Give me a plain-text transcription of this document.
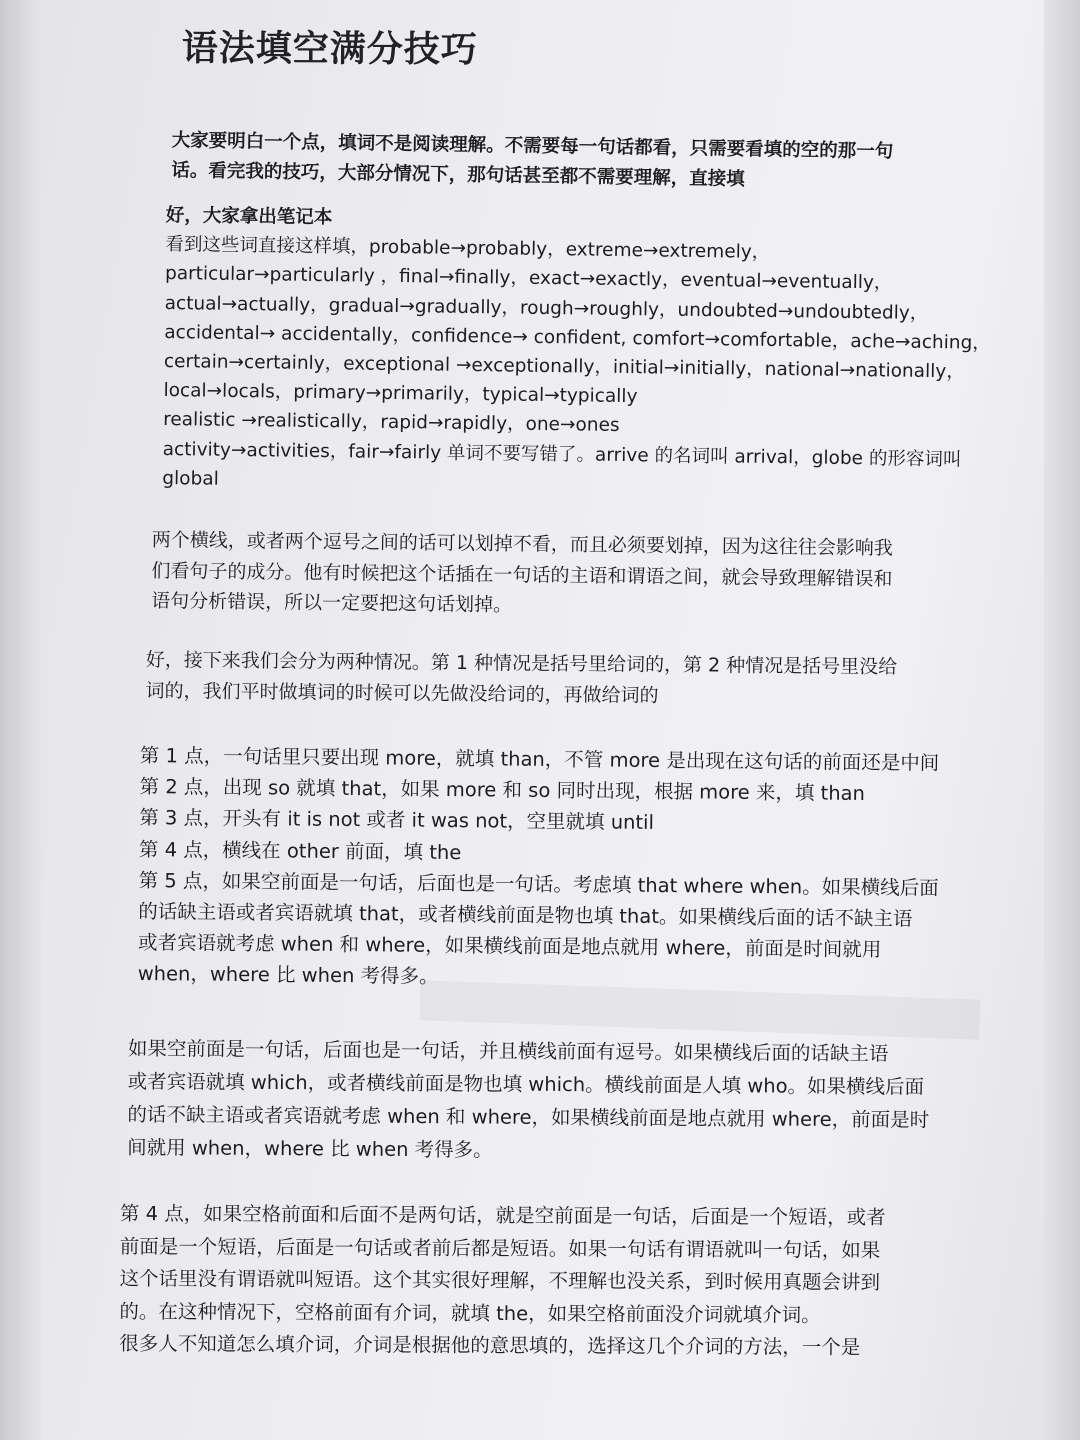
语法填空满分技巧
大家要明白一个点，填词不是阅读理解。不需要每一句话都看，只需要看填的空的那一句
话。看完我的技巧，大部分情况下，那句话甚至都不需要理解，直接填
好，大家拿出笔记本
看到这些词直接这样填，probable→probably，extreme→extremely，
particular→particularly ，final→finally，exact→exactly，eventual→eventually，
actual→actually，gradual→gradually，rough→roughly，undoubted→undoubtedly，
accidental→ accidentally，confidence→ confident, comfort→comfortable，ache→aching，
certain→certainly，exceptional →exceptionally，initial→initially，national→nationally，
local→locals，primary→primarily，typical→typically
realistic →realistically，rapid→rapidly，one→ones
activity→activities，fair→fairly 单词不要写错了。arrive 的名词叫 arrival，globe 的形容词叫
global
两个横线，或者两个逗号之间的话可以划掉不看，而且必须要划掉，因为这往往会影响我
们看句子的成分。他有时候把这个话插在一句话的主语和谓语之间，就会导致理解错误和
语句分析错误，所以一定要把这句话划掉。
好，接下来我们会分为两种情况。第 1 种情况是括号里给词的，第 2 种情况是括号里没给
词的，我们平时做填词的时候可以先做没给词的，再做给词的
第 1 点，一句话里只要出现 more，就填 than，不管 more 是出现在这句话的前面还是中间
第 2 点，出现 so 就填 that，如果 more 和 so 同时出现，根据 more 来，填 than
第 3 点，开头有 it is not 或者 it was not，空里就填 until
第 4 点，横线在 other 前面，填 the
第 5 点，如果空前面是一句话，后面也是一句话。考虑填 that where when。如果横线后面
的话缺主语或者宾语就填 that，或者横线前面是物也填 that。如果横线后面的话不缺主语
或者宾语就考虑 when 和 where，如果横线前面是地点就用 where，前面是时间就用
when，where 比 when 考得多。
如果空前面是一句话，后面也是一句话，并且横线前面有逗号。如果横线后面的话缺主语
或者宾语就填 which，或者横线前面是物也填 which。横线前面是人填 who。如果横线后面
的话不缺主语或者宾语就考虑 when 和 where，如果横线前面是地点就用 where，前面是时
间就用 when，where 比 when 考得多。
第 4 点，如果空格前面和后面不是两句话，就是空前面是一句话，后面是一个短语，或者
前面是一个短语，后面是一句话或者前后都是短语。如果一句话有谓语就叫一句话，如果
这个话里没有谓语就叫短语。这个其实很好理解，不理解也没关系，到时候用真题会讲到
的。在这种情况下，空格前面有介词，就填 the，如果空格前面没介词就填介词。
很多人不知道怎么填介词，介词是根据他的意思填的，选择这几个介词的方法，一个是
